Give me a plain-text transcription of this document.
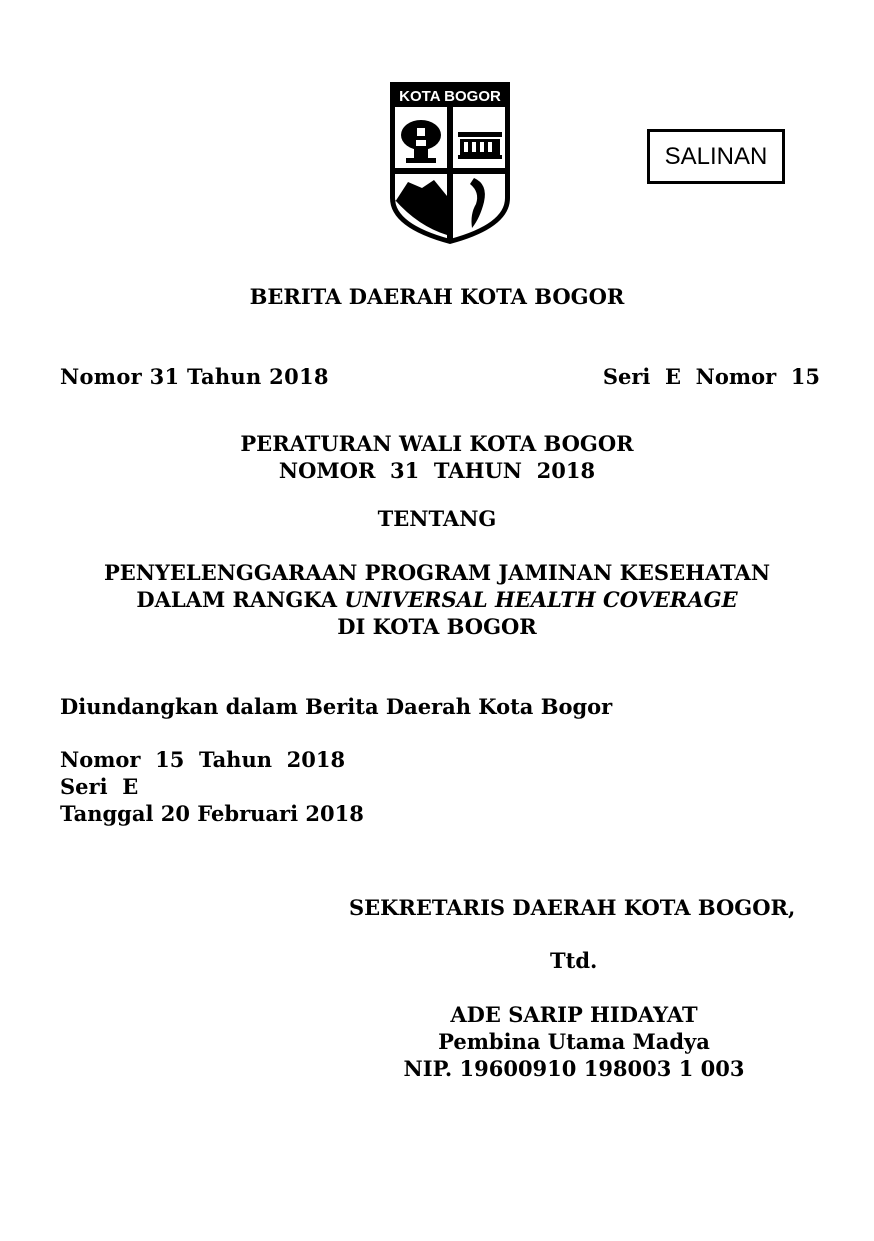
KOTA BOGOR
SALINAN
BERITA DAERAH KOTA BOGOR
Nomor 31 Tahun 2018	Seri  E  Nomor  15
PERATURAN WALI KOTA BOGOR
NOMOR  31  TAHUN  2018
TENTANG
PENYELENGGARAAN PROGRAM JAMINAN KESEHATAN
DALAM RANGKA UNIVERSAL HEALTH COVERAGE
DI KOTA BOGOR
Diundangkan dalam Berita Daerah Kota Bogor
Nomor  15  Tahun  2018
Seri  E
Tanggal 20 Februari 2018
SEKRETARIS DAERAH KOTA BOGOR,
Ttd.
ADE SARIP HIDAYAT
Pembina Utama Madya
NIP. 19600910 198003 1 003
